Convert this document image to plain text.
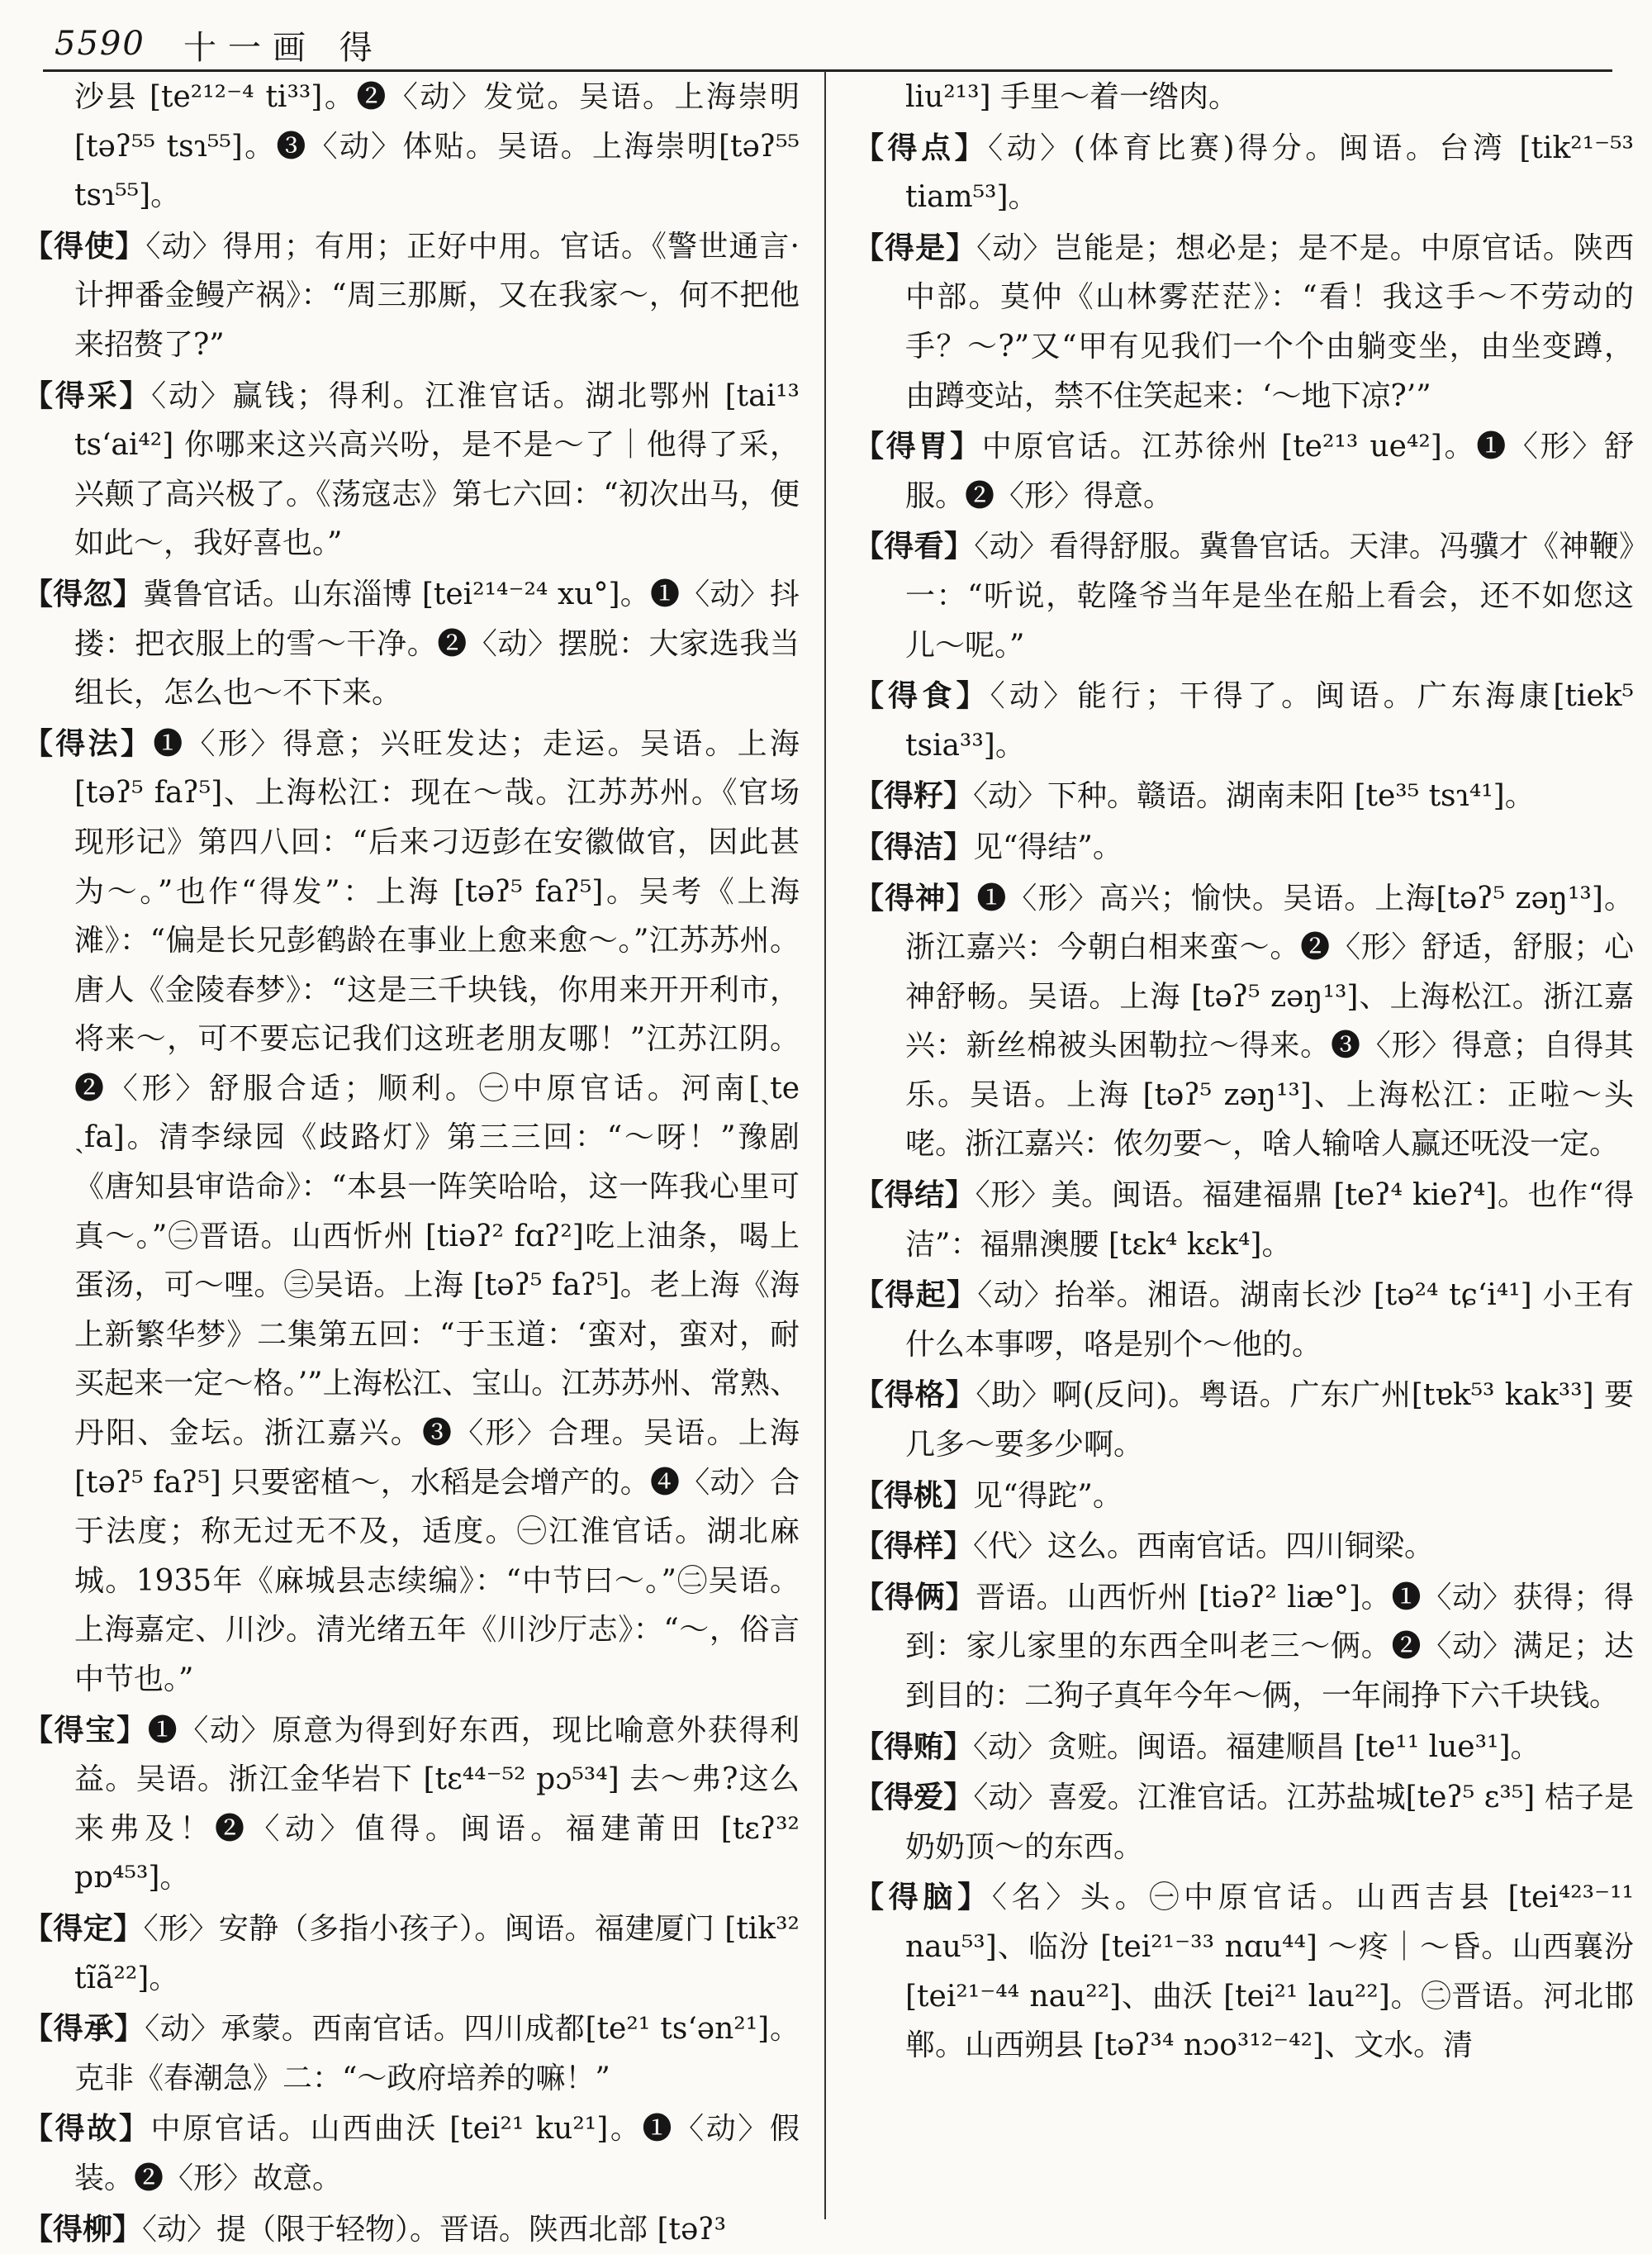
5590 十一画 得

沙县 [te²¹²⁻⁴ ti³³]。❷〈动〉发觉。吴语。上海崇明 [təʔ⁵⁵ tsɿ⁵⁵]。❸〈动〉体贴。吴语。上海崇明[təʔ⁵⁵ tsɿ⁵⁵]。

【得使】〈动〉得用；有用；正好中用。官话。《警世通言·计押番金鳗产祸》：“周三那厮，又在我家～，何不把他来招赘了?”

【得采】〈动〉赢钱；得利。江淮官话。湖北鄂州 [tai¹³ ts‘ai⁴²] 你哪来这兴高兴吩，是不是～了｜他得了采，兴颠了高兴极了。《荡寇志》第七六回：“初次出马，便如此～，我好喜也。”

【得忽】冀鲁官话。山东淄博 [tei²¹⁴⁻²⁴ xu°]。❶〈动〉抖搂：把衣服上的雪～干净。❷〈动〉摆脱：大家选我当组长，怎么也～不下来。

【得法】❶〈形〉得意；兴旺发达；走运。吴语。上海 [təʔ⁵ faʔ⁵]、上海松江：现在～哉。江苏苏州。《官场现形记》第四八回：“后来刁迈彭在安徽做官，因此甚为～。”也作“得发”：上海 [təʔ⁵ faʔ⁵]。吴考《上海滩》：“偏是长兄彭鹤龄在事业上愈来愈～。”江苏苏州。唐人《金陵春梦》：“这是三千块钱，你用来开开利市，将来～，可不要忘记我们这班老朋友哪！”江苏江阴。❷〈形〉舒服合适；顺利。㊀中原官话。河南[ˏte ˏfa]。清李绿园《歧路灯》第三三回：“～呀！”豫剧《唐知县审诰命》：“本县一阵笑哈哈，这一阵我心里可真～。”㊁晋语。山西忻州 [tiəʔ² fɑʔ²]吃上油条，喝上蛋汤，可～哩。㊂吴语。上海 [təʔ⁵ faʔ⁵]。老上海《海上新繁华梦》二集第五回：“于玉道：‘蛮对，蛮对，耐买起来一定～格。’”上海松江、宝山。江苏苏州、常熟、丹阳、金坛。浙江嘉兴。❸〈形〉合理。吴语。上海 [təʔ⁵ faʔ⁵] 只要密植～，水稻是会增产的。❹〈动〉合于法度；称无过无不及，适度。㊀江淮官话。湖北麻城。1935年《麻城县志续编》：“中节曰～。”㊁吴语。上海嘉定、川沙。清光绪五年《川沙厅志》：“～，俗言中节也。”

【得宝】❶〈动〉原意为得到好东西，现比喻意外获得利益。吴语。浙江金华岩下 [tɛ⁴⁴⁻⁵² pɔ⁵³⁴] 去～弗?这么来弗及！❷〈动〉值得。闽语。福建莆田 [tɛʔ³² pɒ⁴⁵³]。

【得定】〈形〉安静（多指小孩子）。闽语。福建厦门 [tik³² tĩã²²]。

【得承】〈动〉承蒙。西南官话。四川成都[te²¹ ts‘ən²¹]。克非《春潮急》二：“～政府培养的嘛！”

【得故】中原官话。山西曲沃 [tei²¹ ku²¹]。❶〈动〉假装。❷〈形〉故意。

【得柳】〈动〉提（限于轻物）。晋语。陕西北部 [təʔ³

liu²¹³] 手里～着一绺肉。

【得点】〈动〉(体育比赛)得分。闽语。台湾 [tik²¹⁻⁵³ tiam⁵³]。

【得是】〈动〉岂能是；想必是；是不是。中原官话。陕西中部。莫仲《山林雾茫茫》：“看！我这手～不劳动的手？～?”又“甲有见我们一个个由躺变坐，由坐变蹲，由蹲变站，禁不住笑起来：‘～地下凉?’”

【得胃】中原官话。江苏徐州 [te²¹³ ue⁴²]。❶〈形〉舒服。❷〈形〉得意。

【得看】〈动〉看得舒服。冀鲁官话。天津。冯骥才《神鞭》一：“听说，乾隆爷当年是坐在船上看会，还不如您这儿～呢。”

【得食】〈动〉能行；干得了。闽语。广东海康[tiek⁵ tsia³³]。

【得籽】〈动〉下种。赣语。湖南耒阳 [te³⁵ tsɿ⁴¹]。

【得洁】见“得结”。

【得神】❶〈形〉高兴；愉快。吴语。上海[təʔ⁵ zəŋ¹³]。浙江嘉兴：今朝白相来蛮～。❷〈形〉舒适，舒服；心神舒畅。吴语。上海 [təʔ⁵ zəŋ¹³]、上海松江。浙江嘉兴：新丝棉被头困勒拉～得来。❸〈形〉得意；自得其乐。吴语。上海 [təʔ⁵ zəŋ¹³]、上海松江：正啦～头咾。浙江嘉兴：侬勿要～，啥人输啥人赢还呒没一定。

【得结】〈形〉美。闽语。福建福鼎 [teʔ⁴ kieʔ⁴]。也作“得洁”：福鼎澳腰 [tɛk⁴ kɛk⁴]。

【得起】〈动〉抬举。湘语。湖南长沙 [tə²⁴ tɕ‘i⁴¹] 小王有什么本事啰，咯是别个～他的。

【得格】〈助〉啊(反问)。粤语。广东广州[tɐk⁵³ kak³³] 要几多～要多少啊。

【得桃】见“得跎”。

【得样】〈代〉这么。西南官话。四川铜梁。

【得俩】晋语。山西忻州 [tiəʔ² liæ°]。❶〈动〉获得；得到：家儿家里的东西全叫老三～俩。❷〈动〉满足；达到目的：二狗子真年今年～俩，一年闹挣下六千块钱。

【得贿】〈动〉贪赃。闽语。福建顺昌 [te¹¹ lue³¹]。

【得爱】〈动〉喜爱。江淮官话。江苏盐城[teʔ⁵ ɛ³⁵] 桔子是奶奶顶～的东西。

【得脑】〈名〉头。㊀中原官话。山西吉县 [tei⁴²³⁻¹¹ nau⁵³]、临汾 [tei²¹⁻³³ nɑu⁴⁴] ～疼｜～昏。山西襄汾 [tei²¹⁻⁴⁴ nau²²]、曲沃 [tei²¹ lau²²]。㊁晋语。河北邯郸。山西朔县 [təʔ³⁴ nɔo³¹²⁻⁴²]、文水。清
